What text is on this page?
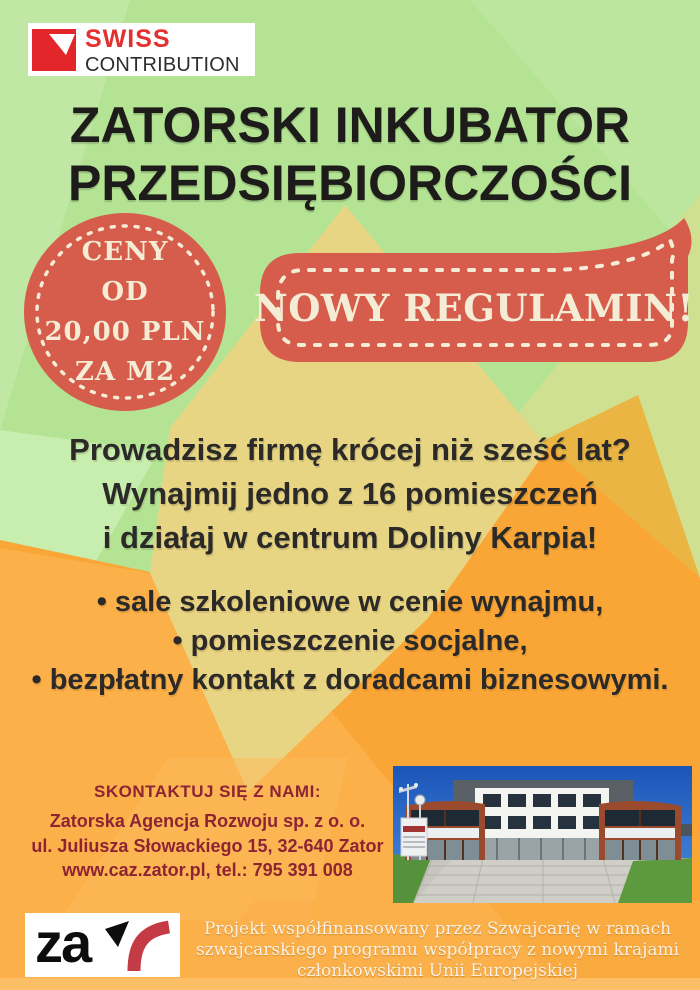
SWISS
CONTRIBUTION
ZATORSKI INKUBATOR
PRZEDSIĘBIORCZOŚCI
CENY
OD
20,00 PLN
ZA M2
NOWY REGULAMIN!
Prowadzisz firmę krócej niż sześć lat?
Wynajmij jedno z 16 pomieszczeń
i działaj w centrum Doliny Karpia!
• sale szkoleniowe w cenie wynajmu,
• pomieszczenie socjalne,
• bezpłatny kontakt z doradcami biznesowymi.
SKONTAKTUJ SIĘ Z NAMI:
Zatorska Agencja Rozwoju sp. z o. o.
ul. Juliusza Słowackiego 15, 32-640 Zator
www.caz.zator.pl, tel.: 795 391 008
za	Projekt współfinansowany przez Szwajcarię w ramach
szwajcarskiego programu współpracy z nowymi krajami
członkowskimi Unii Europejskiej
